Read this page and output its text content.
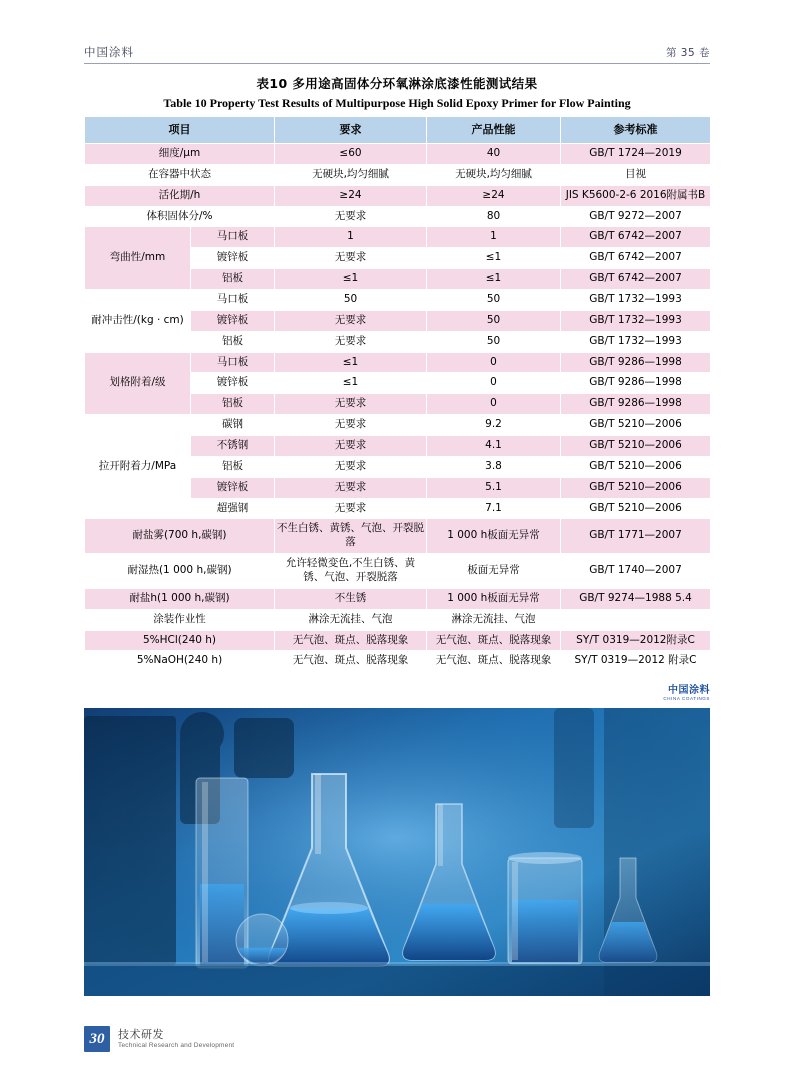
中国涂料	第 35 卷
表10 多用途高固体分环氧淋涂底漆性能测试结果
Table 10 Property Test Results of Multipurpose High Solid Epoxy Primer for Flow Painting
项目		要求	产品性能	参考标准
细度/μm		≤60	40	GB/T 1724—2019
在容器中状态		无硬块,均匀细腻	无硬块,均匀细腻	目视
活化期/h		≥24	≥24	JIS K5600-2-6 2016附属书B
体积固体分/%		无要求	80	GB/T 9272—2007
弯曲性/mm	马口板	1	1	GB/T 6742—2007
	镀锌板	无要求	≤1	GB/T 6742—2007
	铝板	≤1	≤1	GB/T 6742—2007
耐冲击性/(kg · cm)	马口板	50	50	GB/T 1732—1993
	镀锌板	无要求	50	GB/T 1732—1993
	铝板	无要求	50	GB/T 1732—1993
划格附着/级	马口板	≤1	0	GB/T 9286—1998
	镀锌板	≤1	0	GB/T 9286—1998
	铝板	无要求	0	GB/T 9286—1998
拉开附着力/MPa	碳钢	无要求	9.2	GB/T 5210—2006
	不锈钢	无要求	4.1	GB/T 5210—2006
	铝板	无要求	3.8	GB/T 5210—2006
	镀锌板	无要求	5.1	GB/T 5210—2006
	超强钢	无要求	7.1	GB/T 5210—2006
耐盐雾(700 h,碳钢)		不生白锈、黄锈、气泡、开裂脱落	1 000 h板面无异常	GB/T 1771—2007
耐湿热(1 000 h,碳钢)		允许轻微变色,不生白锈、黄锈、气泡、开裂脱落	板面无异常	GB/T 1740—2007
耐盐h(1 000 h,碳钢)		不生锈	1 000 h板面无异常	GB/T 9274—1988 5.4
涂装作业性		淋涂无流挂、气泡	淋涂无流挂、气泡	
5%HCl(240 h)		无气泡、斑点、脱落现象	无气泡、斑点、脱落现象	SY/T 0319—2012附录C
5%NaOH(240 h)		无气泡、斑点、脱落现象	无气泡、斑点、脱落现象	SY/T 0319—2012 附录C
中国涂料
CHINA COATINGS
30	技术研发
Technical Research and Development
